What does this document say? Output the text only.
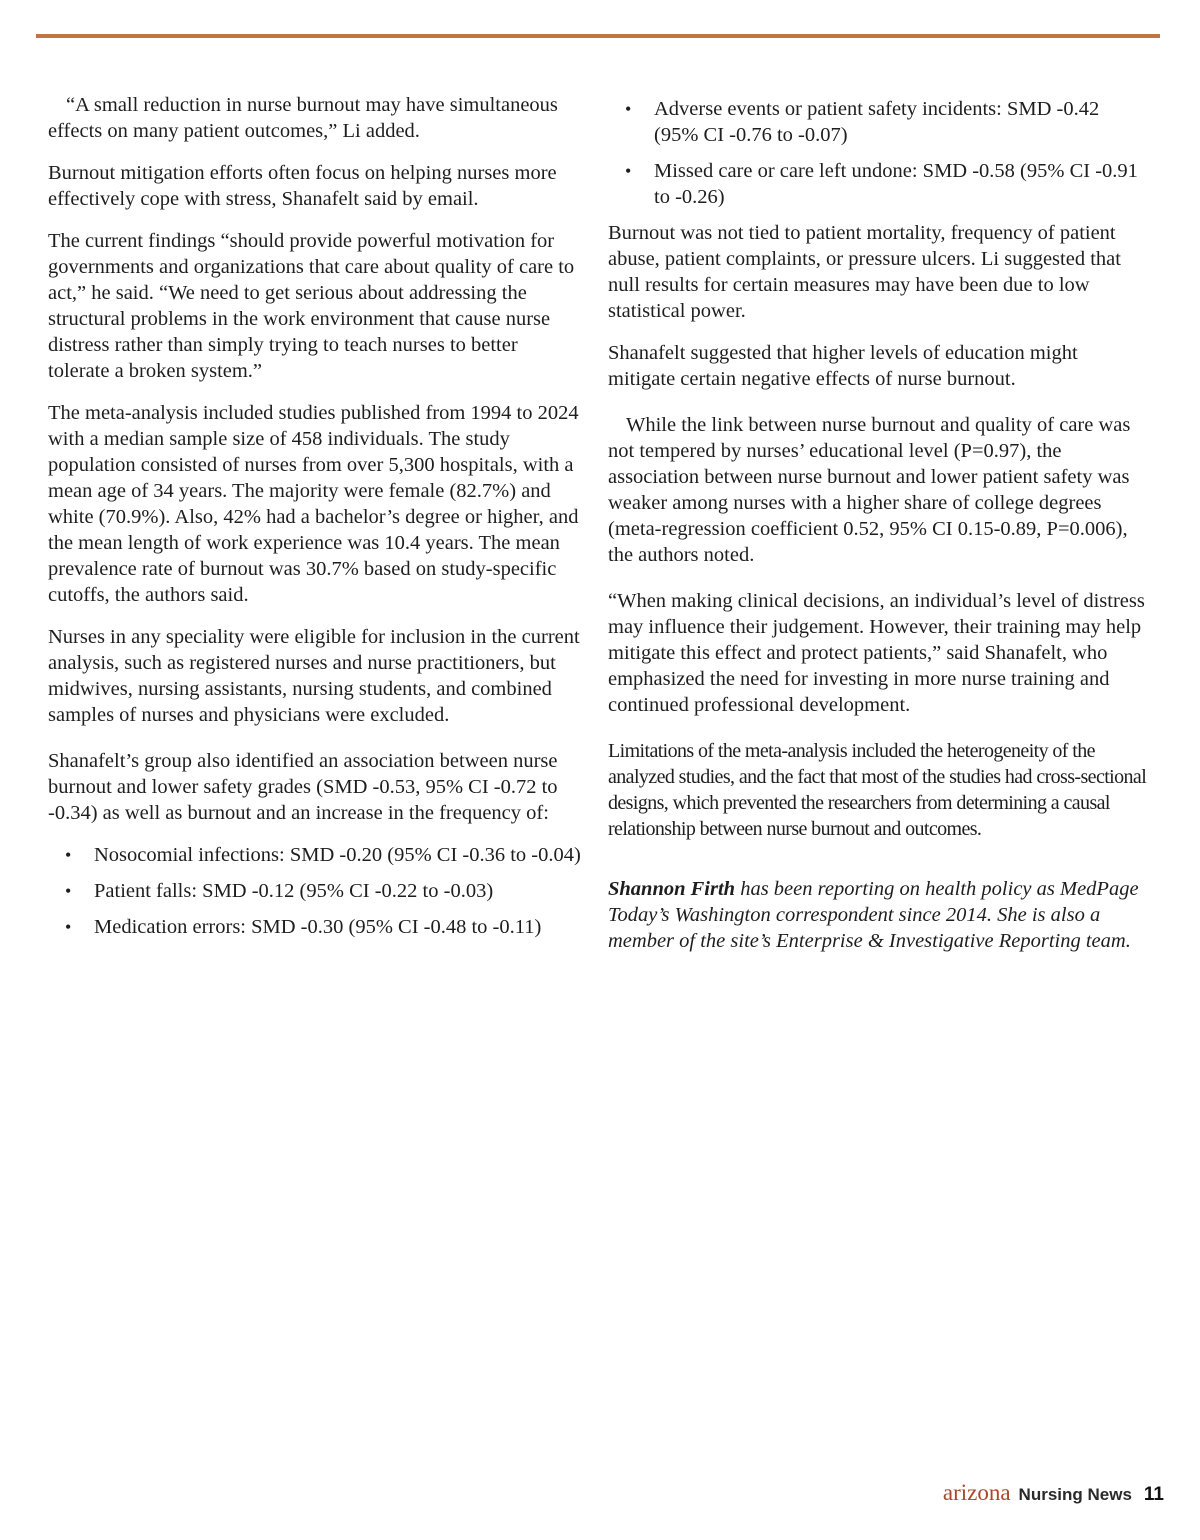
“A small reduction in nurse burnout may have simultaneous effects on many patient outcomes,” Li added.

Burnout mitigation efforts often focus on helping nurses more effectively cope with stress, Shanafelt said by email.

The current findings “should provide powerful motivation for governments and organizations that care about quality of care to act,” he said. “We need to get serious about addressing the structural problems in the work environment that cause nurse distress rather than simply trying to teach nurses to better tolerate a broken system.”

The meta-analysis included studies published from 1994 to 2024 with a median sample size of 458 individuals. The study population consisted of nurses from over 5,300 hospitals, with a mean age of 34 years. The majority were female (82.7%) and white (70.9%). Also, 42% had a bachelor’s degree or higher, and the mean length of work experience was 10.4 years. The mean prevalence rate of burnout was 30.7% based on study-specific cutoffs, the authors said.

Nurses in any speciality were eligible for inclusion in the current analysis, such as registered nurses and nurse practitioners, but midwives, nursing assistants, nursing students, and combined samples of nurses and physicians were excluded.

Shanafelt’s group also identified an association between nurse burnout and lower safety grades (SMD -0.53, 95% CI -0.72 to -0.34) as well as burnout and an increase in the frequency of:

• Nosocomial infections: SMD -0.20 (95% CI -0.36 to -0.04)
• Patient falls: SMD -0.12 (95% CI -0.22 to -0.03)
• Medication errors: SMD -0.30 (95% CI -0.48 to -0.11)
• Adverse events or patient safety incidents: SMD -0.42 (95% CI -0.76 to -0.07)
• Missed care or care left undone: SMD -0.58 (95% CI -0.91 to -0.26)

Burnout was not tied to patient mortality, frequency of patient abuse, patient complaints, or pressure ulcers. Li suggested that null results for certain measures may have been due to low statistical power.

Shanafelt suggested that higher levels of education might mitigate certain negative effects of nurse burnout.

While the link between nurse burnout and quality of care was not tempered by nurses’ educational level (P=0.97), the association between nurse burnout and lower patient safety was weaker among nurses with a higher share of college degrees (meta-regression coefficient 0.52, 95% CI 0.15-0.89, P=0.006), the authors noted.

“When making clinical decisions, an individual’s level of distress may influence their judgement. However, their training may help mitigate this effect and protect patients,” said Shanafelt, who emphasized the need for investing in more nurse training and continued professional development.

Limitations of the meta-analysis included the heterogeneity of the analyzed studies, and the fact that most of the studies had cross-sectional designs, which prevented the researchers from determining a causal relationship between nurse burnout and outcomes.

Shannon Firth has been reporting on health policy as MedPage Today’s Washington correspondent since 2014. She is also a member of the site’s Enterprise & Investigative Reporting team.

arizona Nursing News 11
